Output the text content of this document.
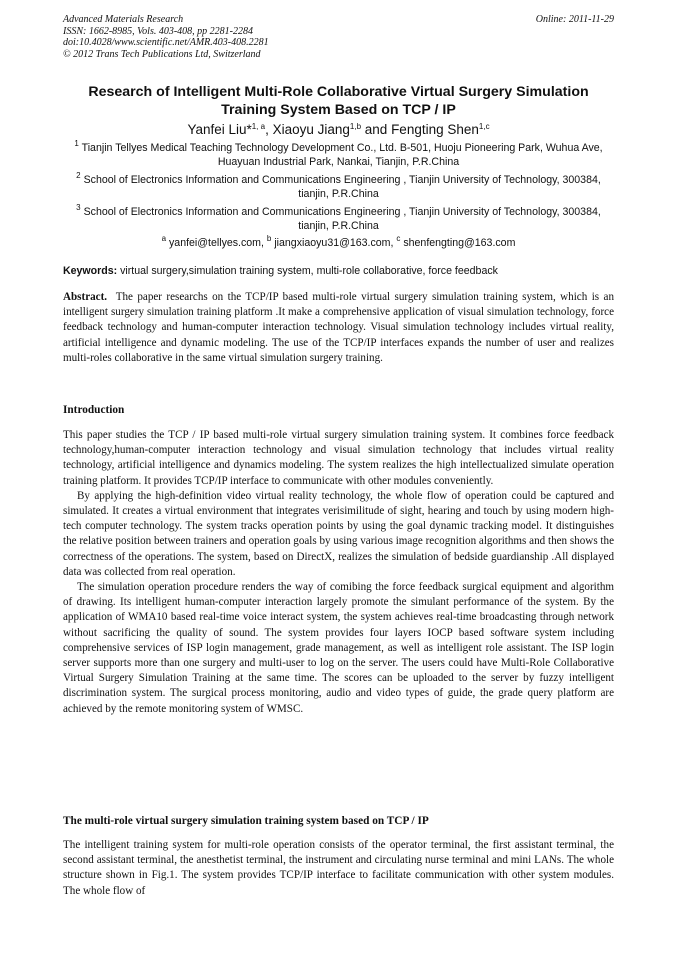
Advanced Materials Research
ISSN: 1662-8985, Vols. 403-408, pp 2281-2284
doi:10.4028/www.scientific.net/AMR.403-408.2281
© 2012 Trans Tech Publications Ltd, Switzerland
Online: 2011-11-29
Research of Intelligent Multi-Role Collaborative Virtual Surgery Simulation Training System Based on TCP / IP
Yanfei Liu*$^{1, a}$, Xiaoyu Jiang$^{1,b}$ and Fengting Shen$^{1,c}$
$^1$ Tianjin Tellyes Medical Teaching Technology Development Co., Ltd. B-501, Huoju Pioneering Park, Wuhua Ave, Huayuan Industrial Park, Nankai, Tianjin, P.R.China
$^2$ School of Electronics Information and Communications Engineering , Tianjin University of Technology, 300384, tianjin, P.R.China
$^3$ School of Electronics Information and Communications Engineering , Tianjin University of Technology, 300384, tianjin, P.R.China
$^a$ yanfei@tellyes.com, $^b$ jiangxiaoyu31@163.com, $^c$ shenfengting@163.com
Keywords: virtual surgery,simulation training system, multi-role collaborative, force feedback

Abstract. The paper researchs on the TCP/IP based multi-role virtual surgery simulation training system, which is an intelligent surgery simulation training platform .It make a comprehensive application of visual simulation technology, force feedback technology and human-computer interaction technology. Visual simulation technology includes virtual reality, artificial intelligence and dynamic modeling. The use of the TCP/IP interfaces expands the number of user and realizes multi-roles collaborative in the same virtual simulation surgery training.

Introduction

This paper studies the TCP / IP based multi-role virtual surgery simulation training system. It combines force feedback technology,human-computer interaction technology and visual simulation technology that includes virtual reality technology, artificial intelligence and dynamics modeling. The system realizes the high intellectualized simulate operation training platform. It provides TCP/IP interface to communicate with other modules conveniently.

By applying the high-definition video virtual reality technology, the whole flow of operation could be captured and simulated. It creates a virtual environment that integrates verisimilitude of sight, hearing and touch by using modern high-tech computer technology. The system tracks operation points by using the goal dynamic tracking model. It distinguishes the relative position between trainers and operation goals by using various image recognition algorithms and then shows the correctness of the operations. The system, based on DirectX, realizes the simulation of bedside guardianship .All displayed data was collected from real operation.

The simulation operation procedure renders the way of comibing the force feedback surgical equipment and algorithm of drawing. Its intelligent human-computer interaction largely promote the simulant performance of the system. By the application of WMA10 based real-time voice interact system, the system achieves real-time broadcasting through network without sacrificing the quality of sound. The system provides four layers IOCP based software system including comprehensive services of ISP login management, grade management, as well as intelligent role assistant. The ISP login server supports more than one surgery and multi-user to log on the server. The users could have Multi-Role Collaborative Virtual Surgery Simulation Training at the same time. The scores can be uploaded to the server by fuzzy intelligent discrimination system. The surgical process monitoring, audio and video types of guide, the grade query platform are achieved by the remote monitoring system of WMSC.

The multi-role virtual surgery simulation training system based on TCP / IP

The intelligent training system for multi-role operation consists of the operator terminal, the first assistant terminal, the second assistant terminal, the anesthetist terminal, the instrument and circulating nurse terminal and mini LANs. The whole structure shown in Fig.1. The system provides TCP/IP interface to facilitate communication with other system modules. The whole flow of
